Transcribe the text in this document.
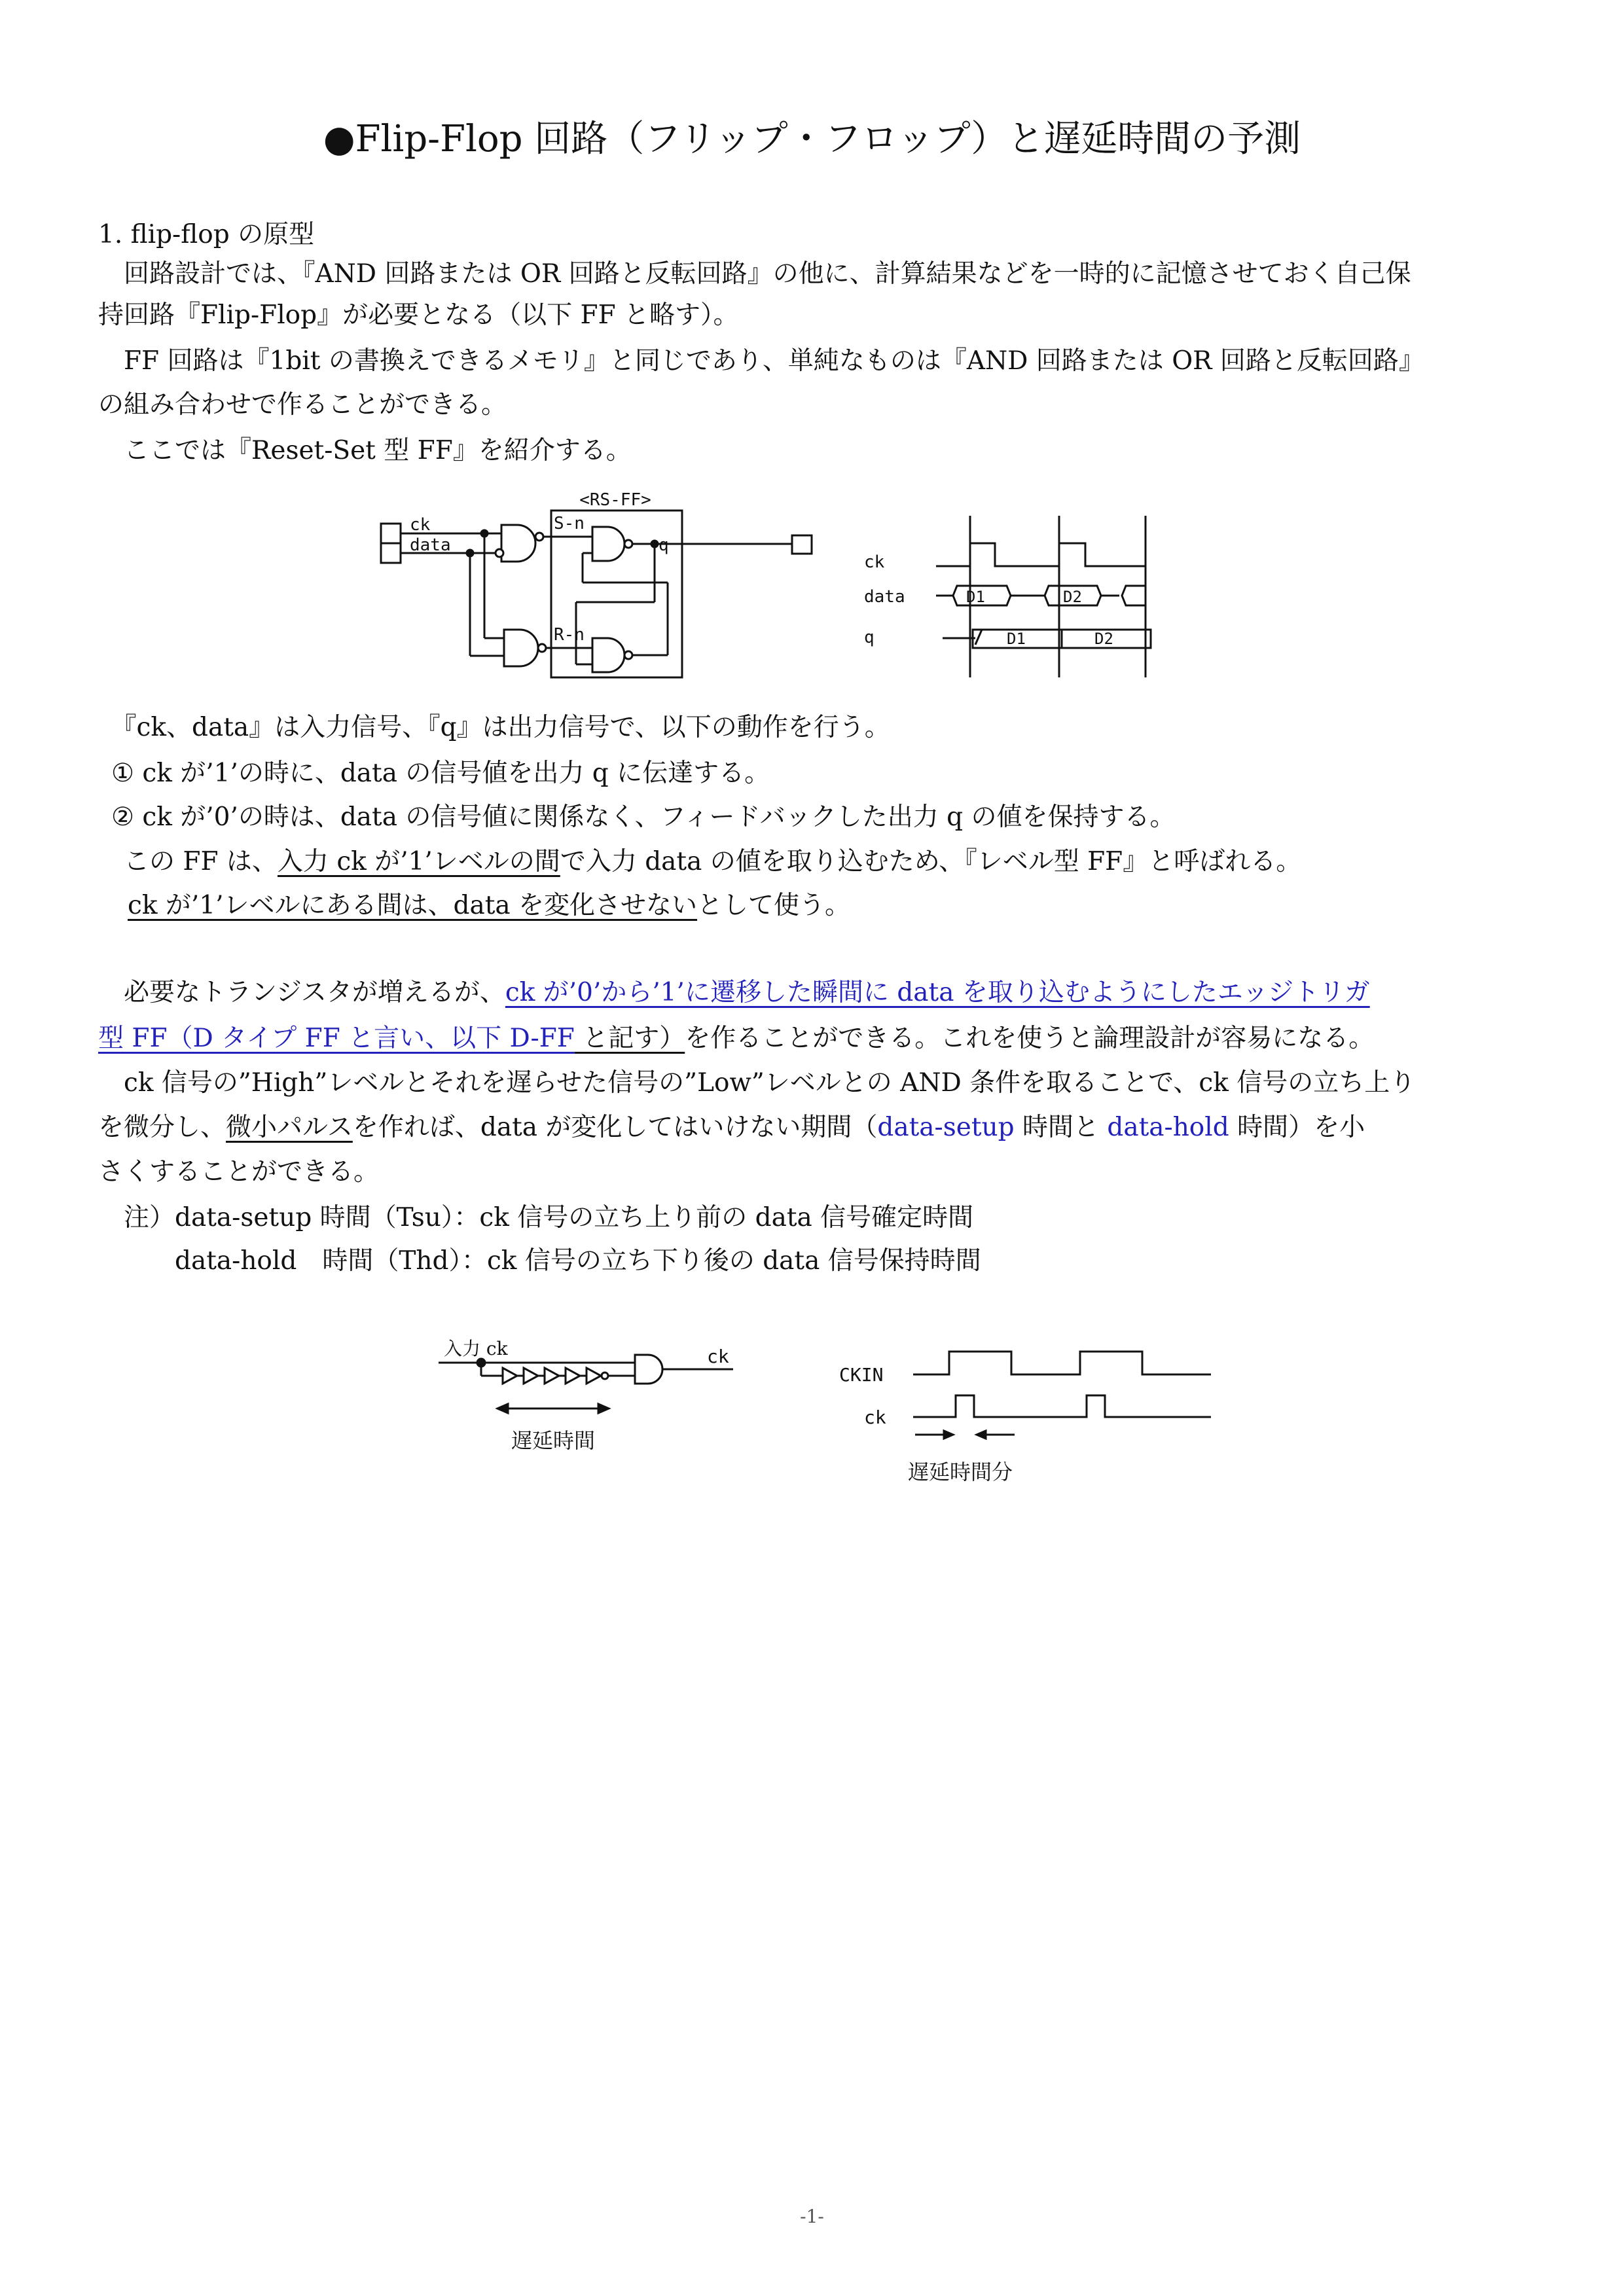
●Flip-Flop 回路（フリップ・フロップ）と遅延時間の予測
1. flip-flop の原型
　回路設計では、『AND 回路または OR 回路と反転回路』の他に、計算結果などを一時的に記憶させておく自己保
持回路『Flip-Flop』が必要となる（以下 FF と略す）。
　FF 回路は『1bit の書換えできるメモリ』と同じであり、単純なものは『AND 回路または OR 回路と反転回路』
の組み合わせで作ることができる。
　ここでは『Reset-Set 型 FF』を紹介する。
<RS-FF>
ck
data
S-n
R-n
q
ck
data
q
D1	D2
D1	D2
　『ck、data』は入力信号、『q』は出力信号で、以下の動作を行う。
① ck が’1’の時に、data の信号値を出力 q に伝達する。
② ck が’0’の時は、data の信号値に関係なく、フィードバックした出力 q の値を保持する。
　この FF は、入力 ck が’1’レベルの間で入力 data の値を取り込むため、『レベル型 FF』と呼ばれる。
ck が’1’レベルにある間は、data を変化させないとして使う。
　必要なトランジスタが増えるが、ck が’0’から’1’に遷移した瞬間に data を取り込むようにしたエッジトリガ
型 FF（D タイプ FF と言い、以下 D-FF と記す）を作ることができる。これを使うと論理設計が容易になる。
　ck 信号の”High”レベルとそれを遅らせた信号の”Low”レベルとの AND 条件を取ることで、ck 信号の立ち上り
を微分し、微小パルスを作れば、data が変化してはいけない期間（data-setup 時間と data-hold 時間）を小
さくすることができる。
　注）data-setup 時間（Tsu）：ck 信号の立ち上り前の data 信号確定時間
　　　data-hold　時間（Thd）：ck 信号の立ち下り後の data 信号保持時間
入力 ck	ck
遅延時間
CKIN
ck
遅延時間分
-1-
